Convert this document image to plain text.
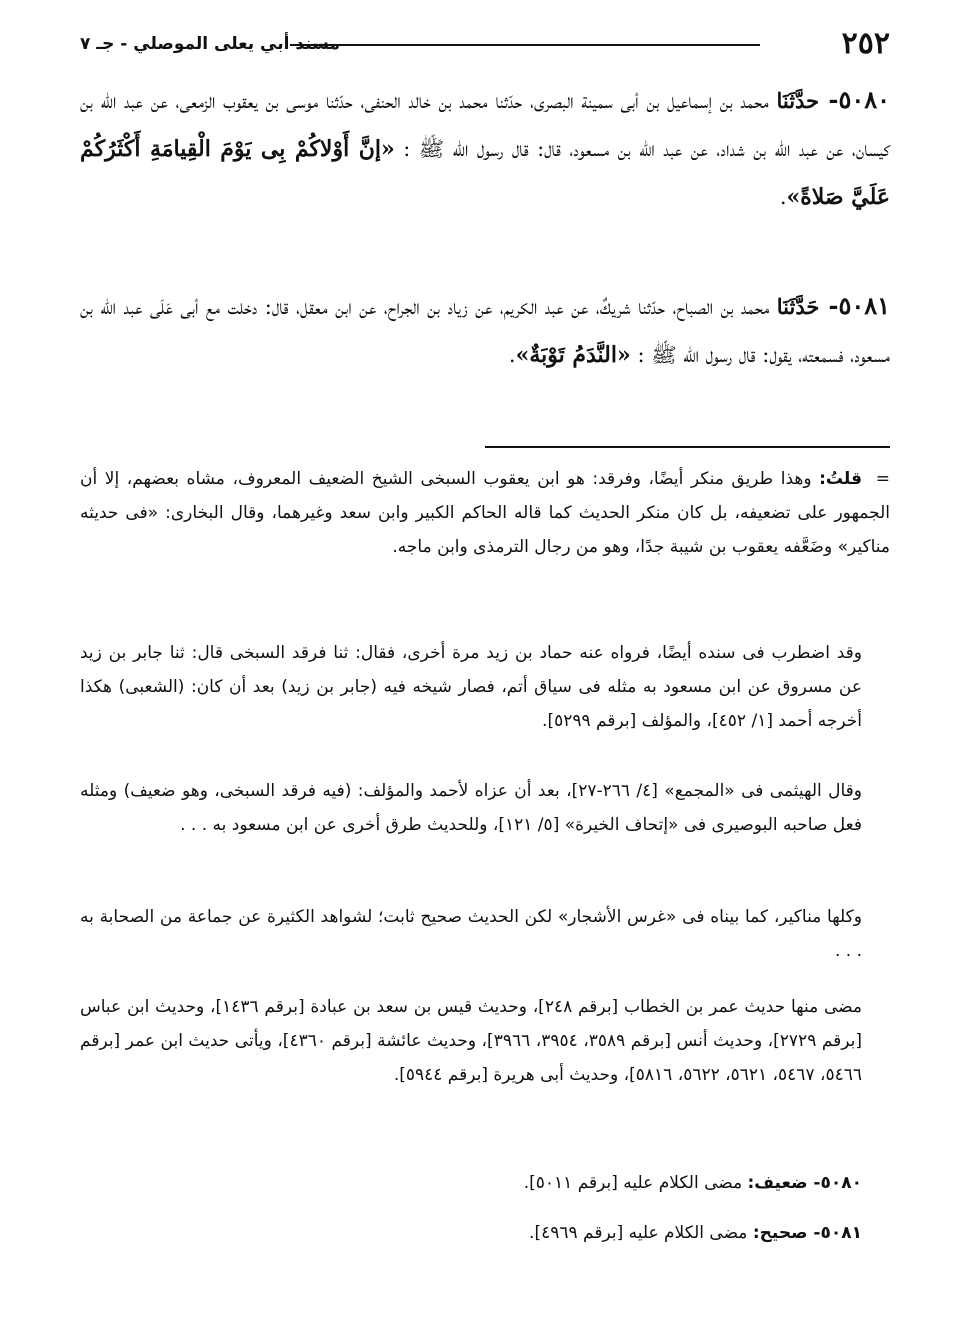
٢٥٢
مسند أبي يعلى الموصلي - جـ ٧
٥٠٨٠- حدَّثَنَا محمد بن إسماعيل بن أبى سمينة البصرى، حدّثنا محمد بن خالد الحنفى، حدّثنا موسى بن يعقوب الزمعى، عن عبد اللّه بن كيسان، عن عبد اللّه بن شداد، عن عبد اللّه بن مسعود، قال: قال رسول اللّه ﷺ : «إنَّ أَوْلاكُمْ بِى يَوْمَ الْقِيامَةِ أَكْثَرُكُمْ عَلَيَّ صَلاةً».
٥٠٨١- حَدَّثَنَا محمد بن الصباح، حدّثنا شريكٌ، عن عبد الكريم، عن زياد بن الجراح، عن ابن معقل، قال: دخلت مع أبى عَلَى عبد اللّه بن مسعود، فسمعته، يقول: قال رسول اللّه ﷺ : «النَّدَمُ تَوْبَةٌ».
=قلتُ: وهذا طريق منكر أيضًا، وفرقد: هو ابن يعقوب السبخى الشيخ الضعيف المعروف، مشاه بعضهم، إلا أن الجمهور على تضعيفه، بل كان منكر الحديث كما قاله الحاكم الكبير وابن سعد وغيرهما، وقال البخارى: «فى حديثه مناكير» وضَعَّفه يعقوب بن شيبة جدًا، وهو من رجال الترمذى وابن ماجه.
وقد اضطرب فى سنده أيضًا، فرواه عنه حماد بن زيد مرة أخرى، فقال: ثنا فرقد السبخى قال: ثنا جابر بن زيد عن مسروق عن ابن مسعود به مثله فى سياق أتم، فصار شيخه فيه (جابر بن زيد) بعد أن كان: (الشعبى) هكذا أخرجه أحمد [١/ ٤٥٢]، والمؤلف [برقم ٥٢٩٩].
وقال الهيثمى فى «المجمع» [٤/ ٢٦٦-٢٧]، بعد أن عزاه لأحمد والمؤلف: (فيه فرقد السبخى، وهو ضعيف) ومثله فعل صاحبه البوصيرى فى «إتحاف الخيرة» [٥/ ١٢١]، وللحديث طرق أخرى عن ابن مسعود به . . .
وكلها مناكير، كما بيناه فى «غرس الأشجار» لكن الحديث صحيح ثابت؛ لشواهد الكثيرة عن جماعة من الصحابة به . . .
مضى منها حديث عمر بن الخطاب [برقم ٢٤٨]، وحديث قيس بن سعد بن عبادة [برقم ١٤٣٦]، وحديث ابن عباس [برقم ٢٧٢٩]، وحديث أنس [برقم ٣٥٨٩، ٣٩٥٤، ٣٩٦٦]، وحديث عائشة [برقم ٤٣٦٠]، ويأتى حديث ابن عمر [برقم ٥٤٦٦، ٥٤٦٧، ٥٦٢١، ٥٦٢٢، ٥٨١٦]، وحديث أبى هريرة [برقم ٥٩٤٤].
٥٠٨٠- ضعيف: مضى الكلام عليه [برقم ٥٠١١].
٥٠٨١- صحيح: مضى الكلام عليه [برقم ٤٩٦٩].
